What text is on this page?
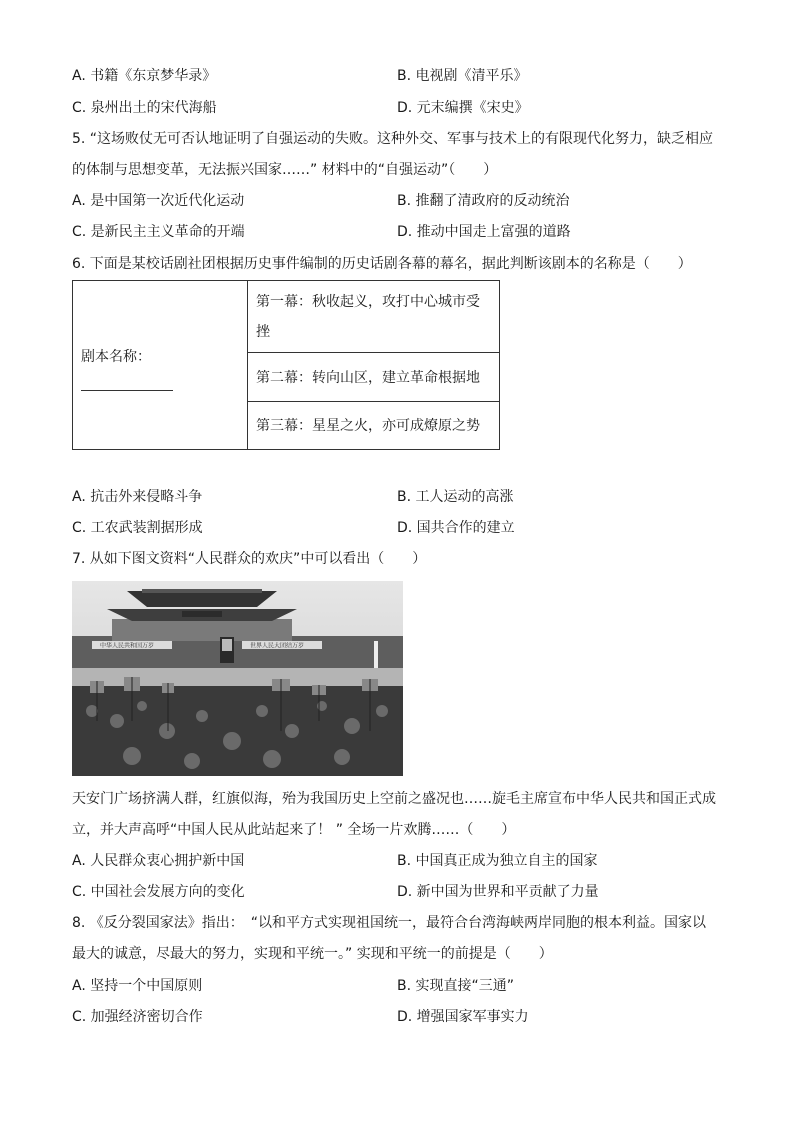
A. 书籍《东京梦华录》	B. 电视剧《清平乐》
C. 泉州出土的宋代海船	D. 元末编撰《宋史》
5. “这场败仗无可否认地证明了自强运动的失败。这种外交、军事与技术上的有限现代化努力，缺乏相应
的体制与思想变革，无法振兴国家……” 材料中的“自强运动”（　　）
A. 是中国第一次近代化运动	B. 推翻了清政府的反动统治
C. 是新民主主义革命的开端	D. 推动中国走上富强的道路
6. 下面是某校话剧社团根据历史事件编制的历史话剧各幕的幕名，据此判断该剧本的名称是（　　）
剧本名称：
	第一幕：秋收起义，攻打中心城市受挫
第二幕：转向山区，建立革命根据地
第三幕：星星之火，亦可成燎原之势
A. 抗击外来侵略斗争	B. 工人运动的高涨
C. 工农武装割据形成	D. 国共合作的建立
7. 从如下图文资料“人民群众的欢庆”中可以看出（　　）
中华人民共和国万岁	世界人民大团结万岁
天安门广场挤满人群，红旗似海，殆为我国历史上空前之盛况也……旋毛主席宣布中华人民共和国正式成
立，并大声高呼“中国人民从此站起来了！ ” 全场一片欢腾……（　　）
A. 人民群众衷心拥护新中国	B. 中国真正成为独立自主的国家
C. 中国社会发展方向的变化	D. 新中国为世界和平贡献了力量
8. 《反分裂国家法》指出：　“以和平方式实现祖国统一，最符合台湾海峡两岸同胞的根本利益。国家以
最大的诚意，尽最大的努力，实现和平统一。” 实现和平统一的前提是（　　）
A. 坚持一个中国原则	B. 实现直接“三通”
C. 加强经济密切合作	D. 增强国家军事实力
